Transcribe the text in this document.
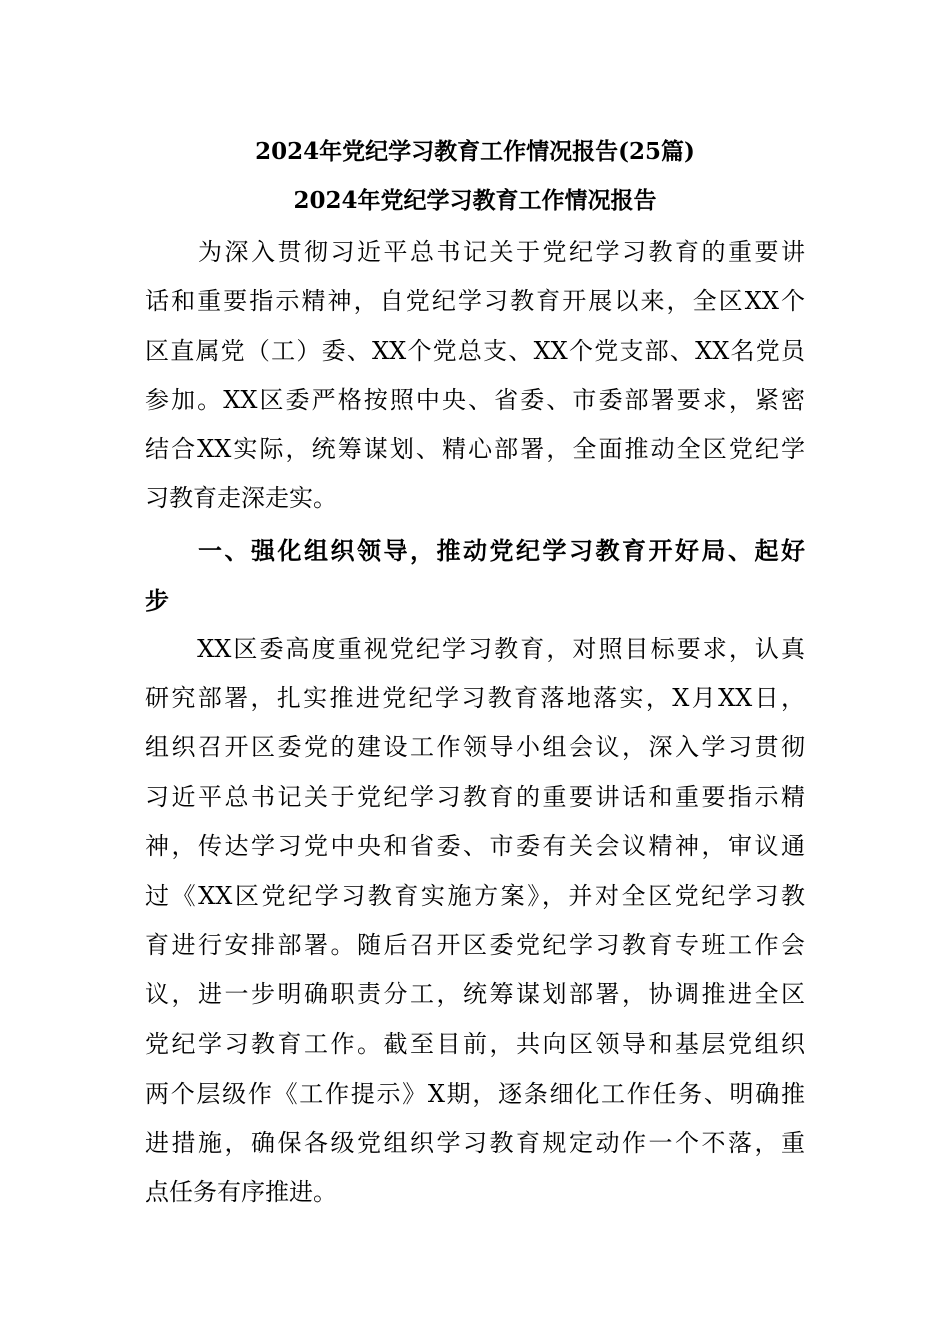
2024年党纪学习教育工作情况报告(25篇)
2024年党纪学习教育工作情况报告
　　为深入贯彻习近平总书记关于党纪学习教育的重要讲
话和重要指示精神，自党纪学习教育开展以来，全区XX个
区直属党（工）委、XX个党总支、XX个党支部、XX名党员
参加。XX区委严格按照中央、省委、市委部署要求，紧密
结合XX实际，统筹谋划、精心部署，全面推动全区党纪学
习教育走深走实。
　　一、强化组织领导，推动党纪学习教育开好局、起好
步
　　XX区委高度重视党纪学习教育，对照目标要求，认真
研究部署，扎实推进党纪学习教育落地落实，X月XX日，
组织召开区委党的建设工作领导小组会议，深入学习贯彻
习近平总书记关于党纪学习教育的重要讲话和重要指示精
神，传达学习党中央和省委、市委有关会议精神，审议通
过《XX区党纪学习教育实施方案》，并对全区党纪学习教
育进行安排部署。随后召开区委党纪学习教育专班工作会
议，进一步明确职责分工，统筹谋划部署，协调推进全区
党纪学习教育工作。截至目前，共向区领导和基层党组织
两个层级作《工作提示》X期，逐条细化工作任务、明确推
进措施，确保各级党组织学习教育规定动作一个不落，重
点任务有序推进。
